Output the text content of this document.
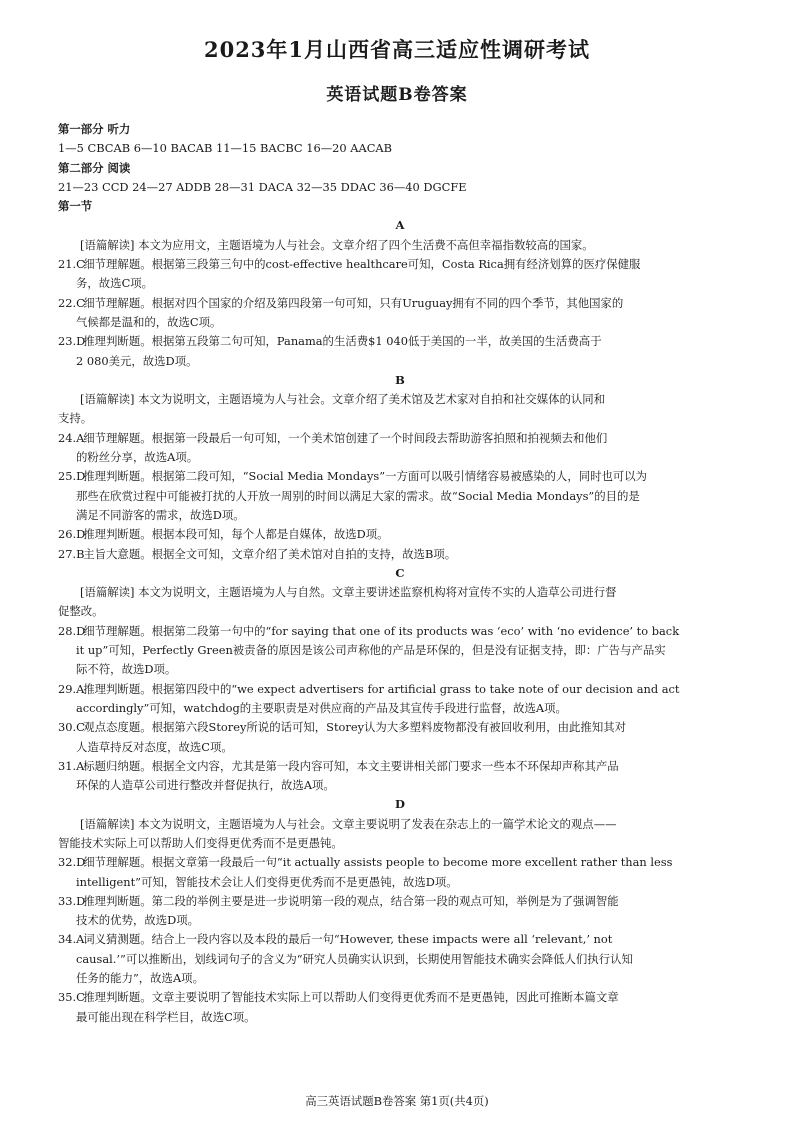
2023年1月山西省高三适应性调研考试
英语试题B卷答案
第一部分 听力
1—5 CBCAB 6—10 BACAB 11—15 BACBC 16—20 AACAB
第二部分 阅读
21—23 CCD 24—27 ADDB 28—31 DACA 32—35 DDAC 36—40 DGCFE
第一节
A
[语篇解读] 本文为应用文，主题语境为人与社会。文章介绍了四个生活费不高但幸福指数较高的国家。
21.C  细节理解题。根据第三段第三句中的cost-effective healthcare可知，Costa Rica拥有经济划算的医疗保健服
务，故选C项。
22.C  细节理解题。根据对四个国家的介绍及第四段第一句可知，只有Uruguay拥有不同的四个季节，其他国家的
气候都是温和的，故选C项。
23.D  推理判断题。根据第五段第二句可知，Panama的生活费$1 040低于美国的一半，故美国的生活费高于
2 080美元，故选D项。
B
[语篇解读] 本文为说明文，主题语境为人与社会。文章介绍了美术馆及艺术家对自拍和社交媒体的认同和
支持。
24.A  细节理解题。根据第一段最后一句可知，一个美术馆创建了一个时间段去帮助游客拍照和拍视频去和他们
的粉丝分享，故选A项。
25.D  推理判断题。根据第二段可知，“Social Media Mondays”一方面可以吸引情绪容易被感染的人，同时也可以为
那些在欣赏过程中可能被打扰的人开放一周别的时间以满足大家的需求。故“Social Media Mondays”的目的是
满足不同游客的需求，故选D项。
26.D  推理判断题。根据本段可知，每个人都是自媒体，故选D项。
27.B  主旨大意题。根据全文可知，文章介绍了美术馆对自拍的支持，故选B项。
C
[语篇解读] 本文为说明文，主题语境为人与自然。文章主要讲述监察机构将对宣传不实的人造草公司进行督
促整改。
28.D  细节理解题。根据第二段第一句中的“for saying that one of its products was ‘eco’ with ‘no evidence’ to back
it up”可知，Perfectly Green被责备的原因是该公司声称他的产品是环保的，但是没有证据支持，即：广告与产品实
际不符，故选D项。
29.A  推理判断题。根据第四段中的“we expect advertisers for artificial grass to take note of our decision and act
accordingly”可知，watchdog的主要职责是对供应商的产品及其宣传手段进行监督，故选A项。
30.C  观点态度题。根据第六段Storey所说的话可知，Storey认为大多塑料废物都没有被回收利用，由此推知其对
人造草持反对态度，故选C项。
31.A  标题归纳题。根据全文内容，尤其是第一段内容可知，本文主要讲相关部门要求一些本不环保却声称其产品
环保的人造草公司进行整改并督促执行，故选A项。
D
[语篇解读] 本文为说明文，主题语境为人与社会。文章主要说明了发表在杂志上的一篇学术论文的观点——
智能技术实际上可以帮助人们变得更优秀而不是更愚钝。
32.D  细节理解题。根据文章第一段最后一句“it actually assists people to become more excellent rather than less
intelligent”可知，智能技术会让人们变得更优秀而不是更愚钝，故选D项。
33.D  推理判断题。第二段的举例主要是进一步说明第一段的观点，结合第一段的观点可知，举例是为了强调智能
技术的优势，故选D项。
34.A  词义猜测题。结合上一段内容以及本段的最后一句“However, these impacts were all ‘relevant,’ not
causal.’”可以推断出，划线词句子的含义为“研究人员确实认识到，长期使用智能技术确实会降低人们执行认知
任务的能力”，故选A项。
35.C  推理判断题。文章主要说明了智能技术实际上可以帮助人们变得更优秀而不是更愚钝，因此可推断本篇文章
最可能出现在科学栏目，故选C项。
高三英语试题B卷答案 第1页(共4页)
